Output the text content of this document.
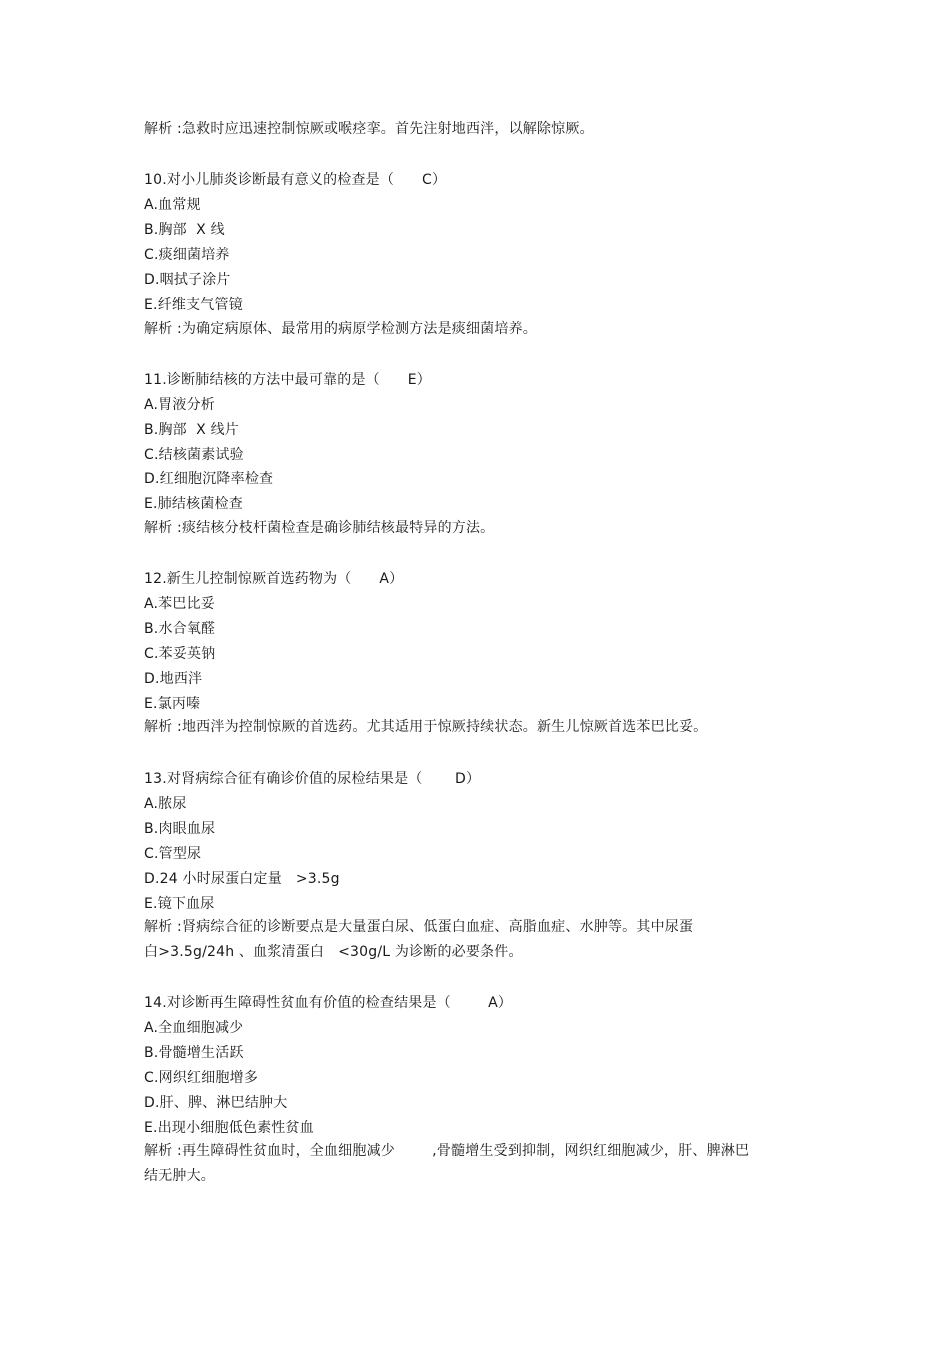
解析 :急救时应迅速控制惊厥或喉痉挛。首先注射地西泮，以解除惊厥。
10.对小儿肺炎诊断最有意义的检查是（      C）
A.血常规
B.胸部  X 线
C.痰细菌培养
D.咽拭子涂片
E.纤维支气管镜
解析 :为确定病原体、最常用的病原学检测方法是痰细菌培养。
11.诊断肺结核的方法中最可靠的是（      E）
A.胃液分析
B.胸部  X 线片
C.结核菌素试验
D.红细胞沉降率检查
E.肺结核菌检查
解析 :痰结核分枝杆菌检查是确诊肺结核最特异的方法。
12.新生儿控制惊厥首选药物为（      A）
A.苯巴比妥
B.水合氧醛
C.苯妥英钠
D.地西泮
E.氯丙嗪
解析 :地西泮为控制惊厥的首选药。尤其适用于惊厥持续状态。新生儿惊厥首选苯巴比妥。
13.对肾病综合征有确诊价值的尿检结果是（       D）
A.脓尿
B.肉眼血尿
C.管型尿
D.24 小时尿蛋白定量   >3.5g
E.镜下血尿
解析 :肾病综合征的诊断要点是大量蛋白尿、低蛋白血症、高脂血症、水肿等。其中尿蛋
白>3.5g/24h 、血浆清蛋白   <30g/L 为诊断的必要条件。
14.对诊断再生障碍性贫血有价值的检查结果是（        A）
A.全血细胞减少
B.骨髓增生活跃
C.网织红细胞增多
D.肝、脾、淋巴结肿大
E.出现小细胞低色素性贫血
解析 :再生障碍性贫血时，全血细胞减少        ,骨髓增生受到抑制，网织红细胞减少，肝、脾淋巴
结无肿大。
